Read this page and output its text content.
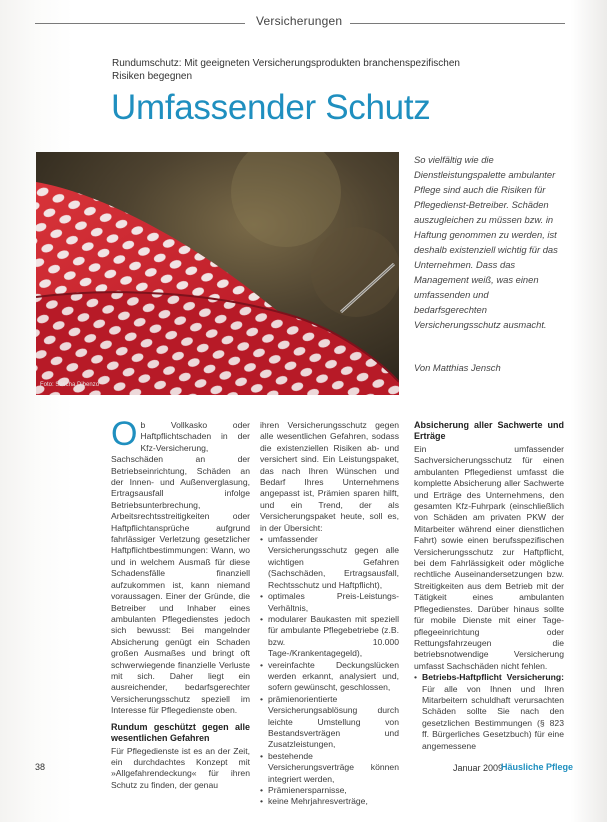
Versicherungen
Rundumschutz: Mit geeigneten Versicherungsprodukten branchenspezifischen Risiken begegnen
Umfassender Schutz
Foto: Sascha Dibenzo
So vielfältig wie die Dienstleistungspalette ambulanter Pflege sind auch die Risiken für Pflegedienst-Betreiber. Schäden auszugleichen zu müssen bzw. in Haftung genommen zu werden, ist deshalb existenziell wichtig für das Unternehmen. Dass das Management weiß, was einen umfassenden und bedarfsgerechten Versicherungsschutz ausmacht.
Von Matthias Jensch
O b Vollkasko oder Haftpflichtschaden in der Kfz-Versicherung, Sachschäden an der Betriebseinrichtung, Schäden an der Innen- und Außenverglasung, Ertragsausfall infolge Betriebsunterbrechung, Arbeitsrechtsstreitigkeiten oder Haftpflichtansprüche aufgrund fahrlässiger Verletzung gesetzlicher Haftpflichtbestimmungen: Wann, wo und in welchem Ausmaß für diese Schadensfälle finanziell aufzukommen ist, kann niemand voraussagen. Einer der Gründe, die Betreiber und Inhaber eines ambulanten Pflegedienstes jedoch sich bewusst: Bei mangelnder Absicherung genügt ein Schaden großen Ausmaßes und bringt oft schwerwiegende finanzielle Verluste mit sich. Daher liegt ein ausreichender, bedarfsgerechter Versicherungsschutz speziell im Interesse für Pflegedienste oben.

Rundum geschützt gegen alle wesentlichen Gefahren

Für Pflegedienste ist es an der Zeit, ein durchdachtes Konzept mit »Allgefahrendeckung« für ihren Schutz zu finden, der genau

ihren Versicherungsschutz gegen alle wesentlichen Gefahren, sodass die existenziellen Risiken ab- und versichert sind. Ein Leistungspaket, das nach Ihren Wünschen und Bedarf Ihres Unternehmens angepasst ist, Prämien sparen hilft, und ein Trend, der als Versicherungspaket heute, soll es, in der Übersicht:

• umfassender Versicherungsschutz gegen alle wichtigen Gefahren (Sachschäden, Ertragsausfall, Rechtsschutz und Haftpflicht),
• optimales Preis-Leistungs-Verhältnis,
• modularer Baukasten mit speziell für ambulante Pflegebetriebe (z.B. bzw. 10.000 Tage-/Krankentagegeld),
• vereinfachte Deckungslücken werden erkannt, analysiert und, sofern gewünscht, geschlossen,
• prämienorientierte Versicherungsablösung durch leichte Umstellung von Bestandsverträgen und Zusatzleistungen,
• bestehende Versicherungsverträge können integriert werden,
• Prämienersparnisse,
• keine Mehrjahresverträge,
Absicherung aller Sachwerte und Erträge

Ein umfassender Sachversicherungsschutz für einen ambulanten Pflegedienst umfasst die komplette Absicherung aller Sachwerte und Erträge des Unternehmens, den gesamten Kfz-Fuhrpark (einschließlich von Schäden am privaten PKW der Mitarbeiter während einer dienstlichen Fahrt) sowie einen berufsspezifischen Versicherungsschutz zur Haftpflicht, bei dem Fahrlässigkeit oder mögliche rechtliche Auseinandersetzungen bzw. Streitigkeiten aus dem Betrieb mit der Tätigkeit eines ambulanten Pflegedienstes. Darüber hinaus sollte für mobile Dienste mit einer Tage-pflegeeinrichtung oder Rettungsfahrzeugen die betriebsnotwendige Versicherung umfasst Sachschäden nicht fehlen.

• Betriebs-Haftpflicht Versicherung: Für alle von Ihnen und Ihren Mitarbeitern schuldhaft verursachten Schäden sollte Sie nach den gesetzlichen Bestimmungen (§ 823 ff. Bürgerliches Gesetzbuch) für eine angemessene
38	Januar 2009
Häusliche Pflege
